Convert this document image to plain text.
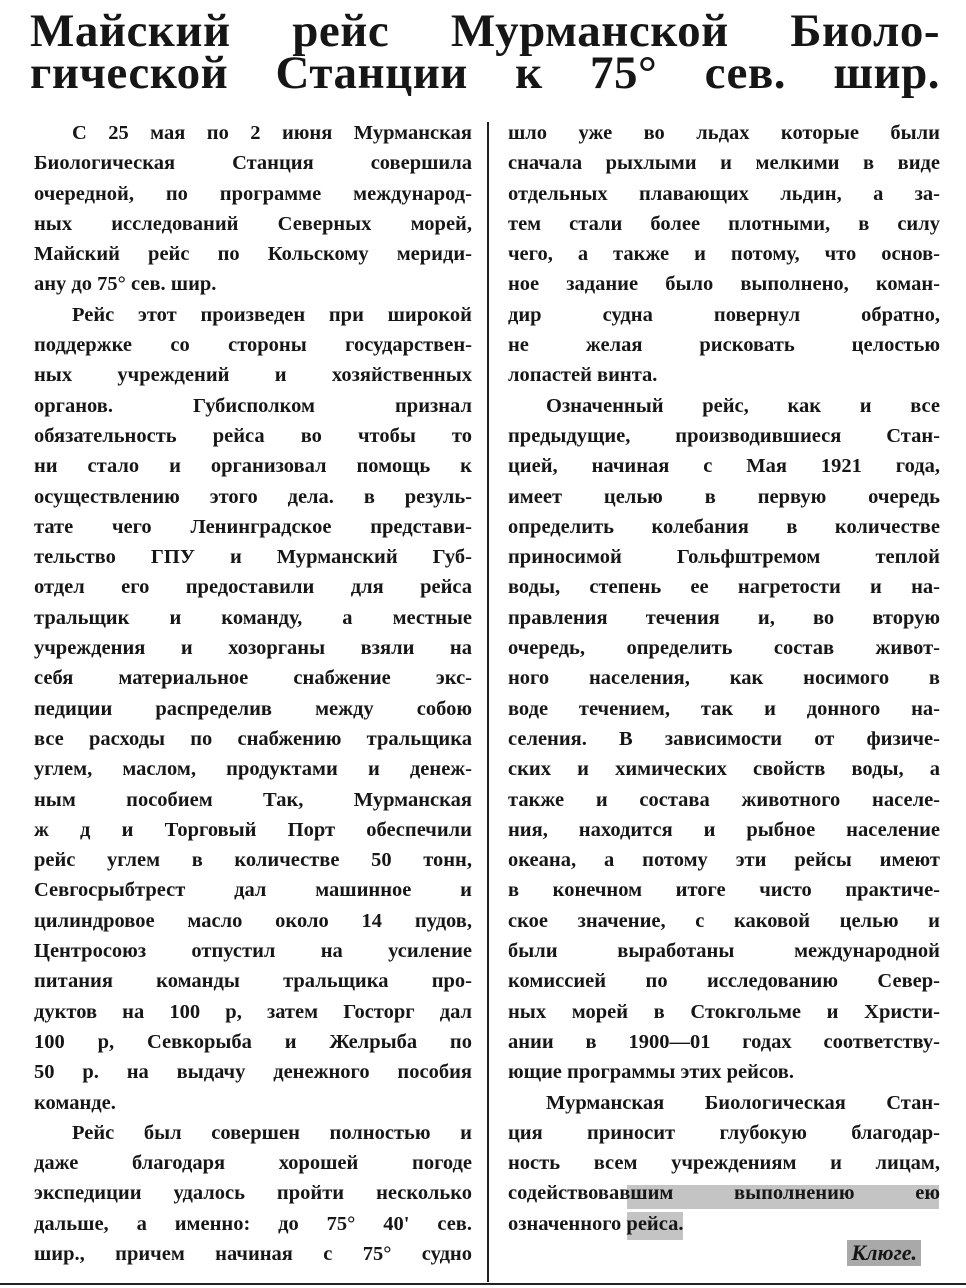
Майский рейс Мурманской Биоло-
гической Станции к 75° сев. шир.
С 25 мая по 2 июня Мурманская
Биологическая Станция совершила
очередной, по программе международ-
ных исследований Северных морей,
Майский рейс по Кольскому мериди-
ану до 75° сев. шир.
Рейс этот произведен при широкой
поддержке со стороны государствен-
ных учреждений и хозяйственных
органов. Губисполком признал
обязательность рейса во чтобы то
ни стало и организовал помощь к
осуществлению этого дела. в резуль-
тате чего Ленинградское представи-
тельство ГПУ и Мурманский Губ-
отдел его предоставили для рейса
тральщик и команду, а местные
учреждения и хозорганы взяли на
себя материальное снабжение экс-
педиции распределив между собою
все расходы по снабжению тральщика
углем, маслом, продуктами и денеж-
ным пособием Так, Мурманская
ж д и Торговый Порт обеспечили
рейс углем в количестве 50 тонн,
Севгосрыбтрест дал машинное и
цилиндровое масло около 14 пудов,
Центросоюз отпустил на усиление
питания команды тральщика про-
дуктов на 100 р, затем Госторг дал
100 р, Севкорыба и Желрыба по
50 р. на выдачу денежного пособия
команде.
Рейс был совершен полностью и
даже благодаря хорошей погоде
экспедиции удалось пройти несколько
дальше, а именно: до 75° 40' сев.
шир., причем начиная с 75° судно
шло уже во льдах которые были
сначала рыхлыми и мелкими в виде
отдельных плавающих льдин, а за-
тем стали более плотными, в силу
чего, а также и потому, что основ-
ное задание было выполнено, коман-
дир судна повернул обратно,
не желая рисковать целостью
лопастей винта.
Означенный рейс, как и все
предыдущие, производившиеся Стан-
цией, начиная с Мая 1921 года,
имеет целью в первую очередь
определить колебания в количестве
приносимой Гольфштремом теплой
воды, степень ее нагретости и на-
правления течения и, во вторую
очередь, определить состав живот-
ного населения, как носимого в
воде течением, так и донного на-
селения. В зависимости от физиче-
ских и химических свойств воды, а
также и состава животного населе-
ния, находится и рыбное население
океана, а потому эти рейсы имеют
в конечном итоге чисто практиче-
ское значение, с каковой целью и
были выработаны международной
комиссией по исследованию Север-
ных морей в Стокгольме и Христи-
ании в 1900—01 годах соответству-
ющие программы этих рейсов.
Мурманская Биологическая Стан-
ция приносит глубокую благодар-
ность всем учреждениям и лицам,
содействовавшим выполнению ею
означенного рейса.
Клюге.
